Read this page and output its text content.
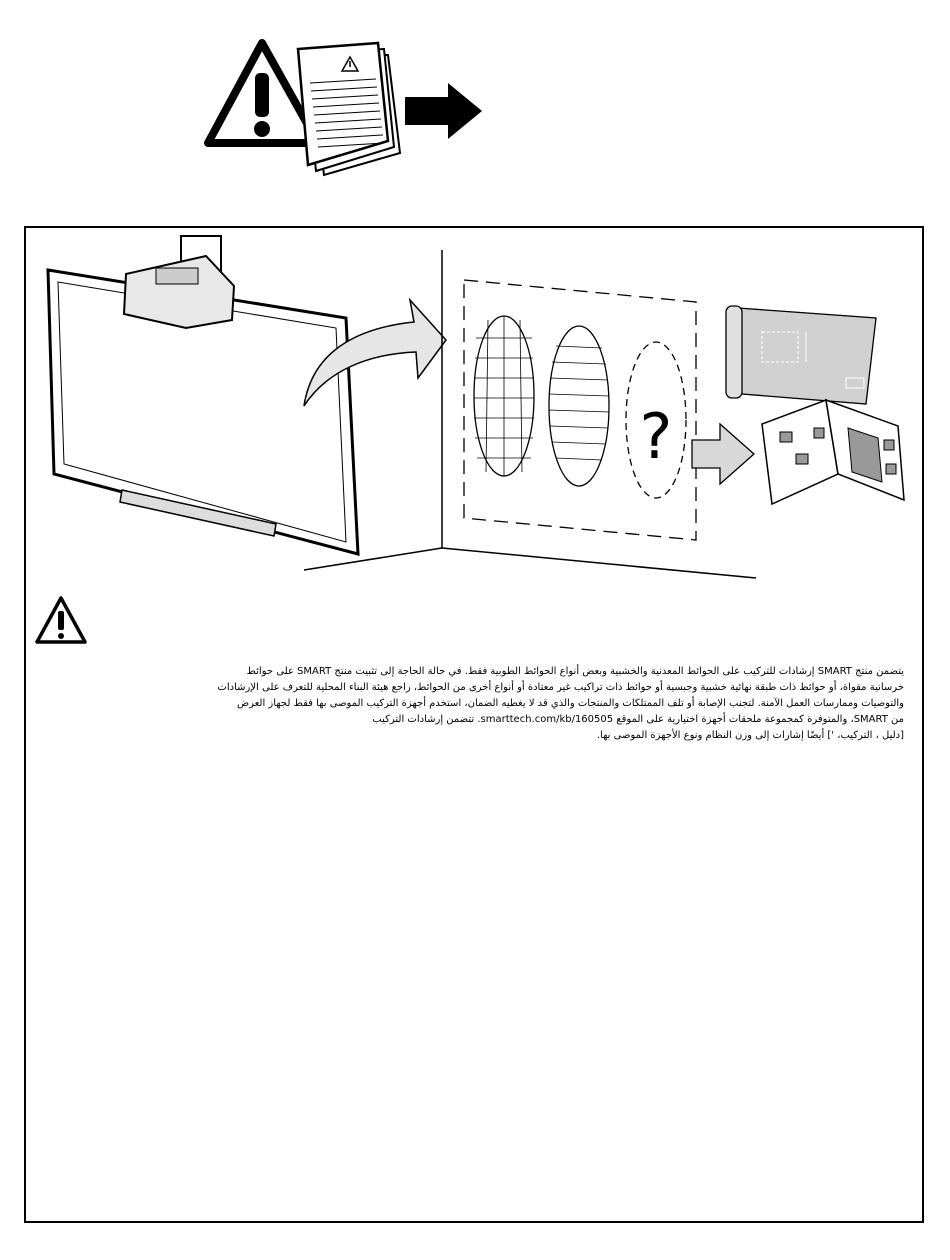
?

يتضمن منتج SMART إرشادات للتركيب على الحوائط المعدنية والخشبية وبعض أنواع الحوائط الطوبية فقط. في حالة الحاجة إلى تثبيت منتج SMART على حوائط

خرسانية مقواة، أو حوائط ذات طبقة نهائية خشبية وجبسية أو حوائط ذات تراكيب غير معتادة أو أنواع أخرى من الحوائط، راجع هيئة البناء المحلية للتعرف على الإرشادات

والتوصيات وممارسات العمل الآمنة. لتجنب الإصابة أو تلف الممتلكات والمنتجات والذي قد لا يغطيه الضمان، استخدم أجهزة التركيب الموصى بها فقط لجهاز العرض

من SMART، والمتوفرة كمجموعة ملحقات أجهزة اختيارية على الموقع smarttech.com/kb/160505. تتضمن إرشادات التركيب

[دليل ، التركيب، '] أيضًا إشارات إلى وزن النظام ونوع الأجهزة الموصى بها.
